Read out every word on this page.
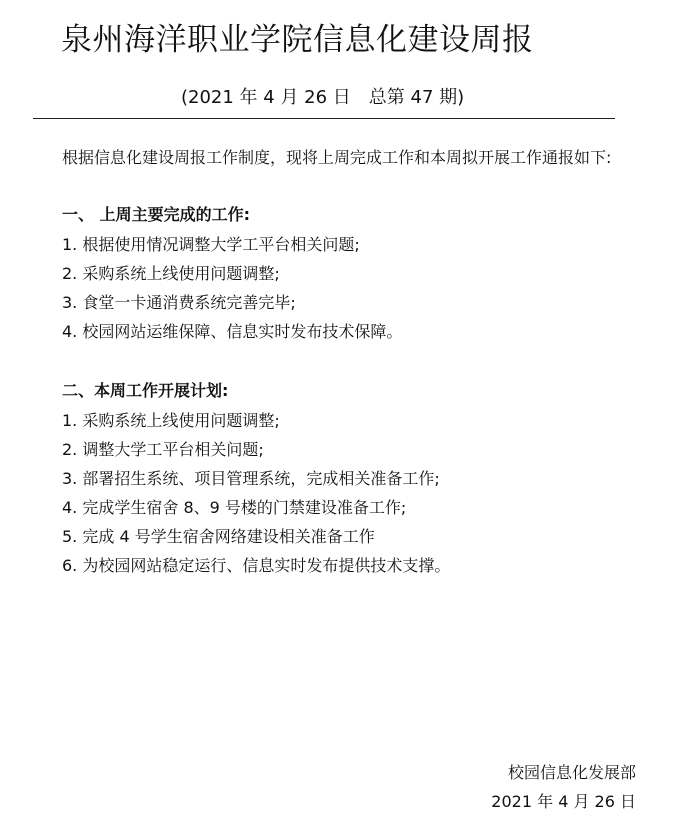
泉州海洋职业学院信息化建设周报
(2021 年 4 月 26 日　总第 47 期)
根据信息化建设周报工作制度，现将上周完成工作和本周拟开展工作通报如下:
一、 上周主要完成的工作:
1. 根据使用情况调整大学工平台相关问题;
2. 采购系统上线使用问题调整;
3. 食堂一卡通消费系统完善完毕;
4. 校园网站运维保障、信息实时发布技术保障。
二、本周工作开展计划:
1. 采购系统上线使用问题调整;
2. 调整大学工平台相关问题;
3. 部署招生系统、项目管理系统，完成相关准备工作;
4. 完成学生宿舍 8、9 号楼的门禁建设准备工作;
5. 完成 4 号学生宿舍网络建设相关准备工作
6. 为校园网站稳定运行、信息实时发布提供技术支撑。
校园信息化发展部
2021 年 4 月 26 日
